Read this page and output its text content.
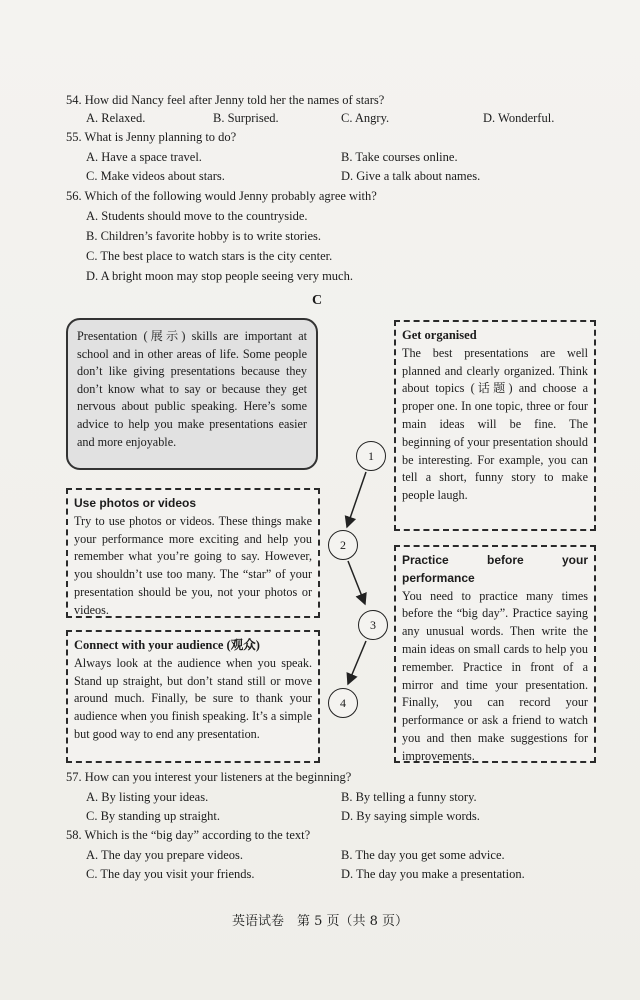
54. How did Nancy feel after Jenny told her the names of stars?
A. Relaxed.	B. Surprised.	C. Angry.	D. Wonderful.
55. What is Jenny planning to do?
A. Have a space travel.	B. Take courses online.
C. Make videos about stars.	D. Give a talk about names.
56. Which of the following would Jenny probably agree with?
A. Students should move to the countryside.
B. Children’s favorite hobby is to write stories.
C. The best place to watch stars is the city center.
D. A bright moon may stop people seeing very much.
C
Presentation (展示) skills are important at school and in other areas of life. Some people don’t like giving presentations because they don’t know what to say or because they get nervous about public speaking. Here’s some advice to help you make presentations easier and more enjoyable.
Get organised
The best presentations are well planned and clearly organized. Think about topics (话题) and choose a proper one. In one topic, three or four main ideas will be fine. The beginning of your presentation should be interesting. For example, you can tell a short, funny story to make people laugh.
Use photos or videos
Try to use photos or videos. These things make your performance more exciting and help you remember what you’re going to say. However, you shouldn’t use too many. The “star” of your presentation should be you, not your photos or videos.
Practice before your performance
You need to practice many times before the “big day”. Practice saying any unusual words. Then write the main ideas on small cards to help you remember. Practice in front of a mirror and time your presentation. Finally, you can record your performance or ask a friend to watch you and then make suggestions for improvements.
Connect with your audience (观众)
Always look at the audience when you speak. Stand up straight, but don’t stand still or move around much. Finally, be sure to thank your audience when you finish speaking. It’s a simple but good way to end any presentation.
1
2
3
4
57. How can you interest your listeners at the beginning?
A. By listing your ideas.	B. By telling a funny story.
C. By standing up straight.	D. By saying simple words.
58. Which is the “big day” according to the text?
A. The day you prepare videos.	B. The day you get some advice.
C. The day you visit your friends.	D. The day you make a presentation.
英语试卷　第 5 页（共 8 页）
